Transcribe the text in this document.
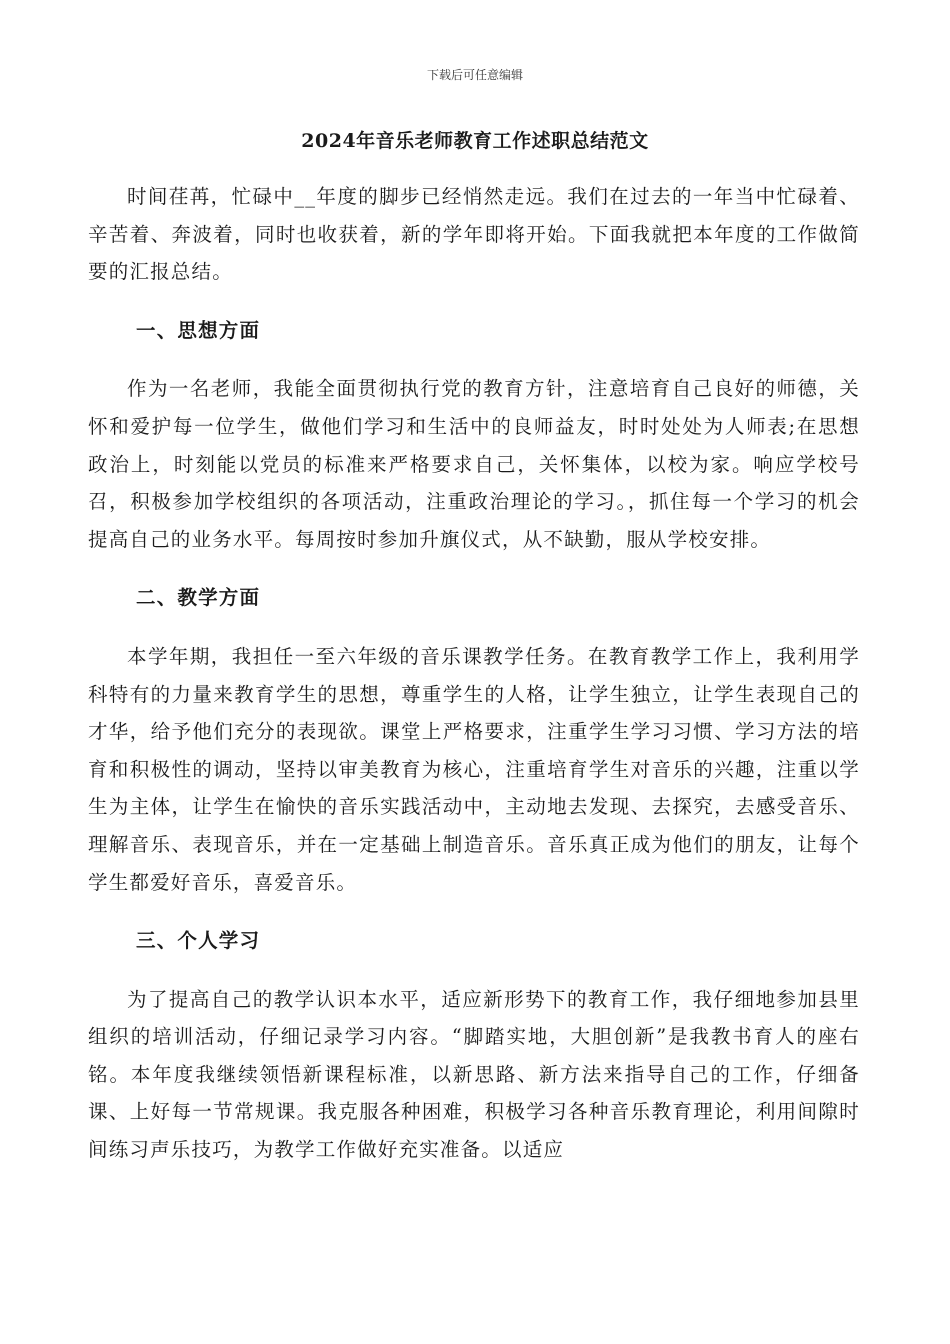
下载后可任意编辑
2024年音乐老师教育工作述职总结范文

时间荏苒，忙碌中__年度的脚步已经悄然走远。我们在过去的一年当中忙碌着、辛苦着、奔波着，同时也收获着，新的学年即将开始。下面我就把本年度的工作做简要的汇报总结。

一、思想方面

作为一名老师，我能全面贯彻执行党的教育方针，注意培育自己良好的师德，关怀和爱护每一位学生，做他们学习和生活中的良师益友，时时处处为人师表;在思想政治上，时刻能以党员的标准来严格要求自己，关怀集体，以校为家。响应学校号召，积极参加学校组织的各项活动，注重政治理论的学习。，抓住每一个学习的机会提高自己的业务水平。每周按时参加升旗仪式，从不缺勤，服从学校安排。

二、教学方面

本学年期，我担任一至六年级的音乐课教学任务。在教育教学工作上，我利用学科特有的力量来教育学生的思想，尊重学生的人格，让学生独立，让学生表现自己的才华，给予他们充分的表现欲。课堂上严格要求，注重学生学习习惯、学习方法的培育和积极性的调动，坚持以审美教育为核心，注重培育学生对音乐的兴趣，注重以学生为主体，让学生在愉快的音乐实践活动中，主动地去发现、去探究，去感受音乐、理解音乐、表现音乐，并在一定基础上制造音乐。音乐真正成为他们的朋友，让每个学生都爱好音乐，喜爱音乐。

三、个人学习

为了提高自己的教学认识本水平，适应新形势下的教育工作，我仔细地参加县里组织的培训活动，仔细记录学习内容。“脚踏实地，大胆创新”是我教书育人的座右铭。本年度我继续领悟新课程标准，以新思路、新方法来指导自己的工作，仔细备课、上好每一节常规课。我克服各种困难，积极学习各种音乐教育理论，利用间隙时间练习声乐技巧，为教学工作做好充实准备。以适应
